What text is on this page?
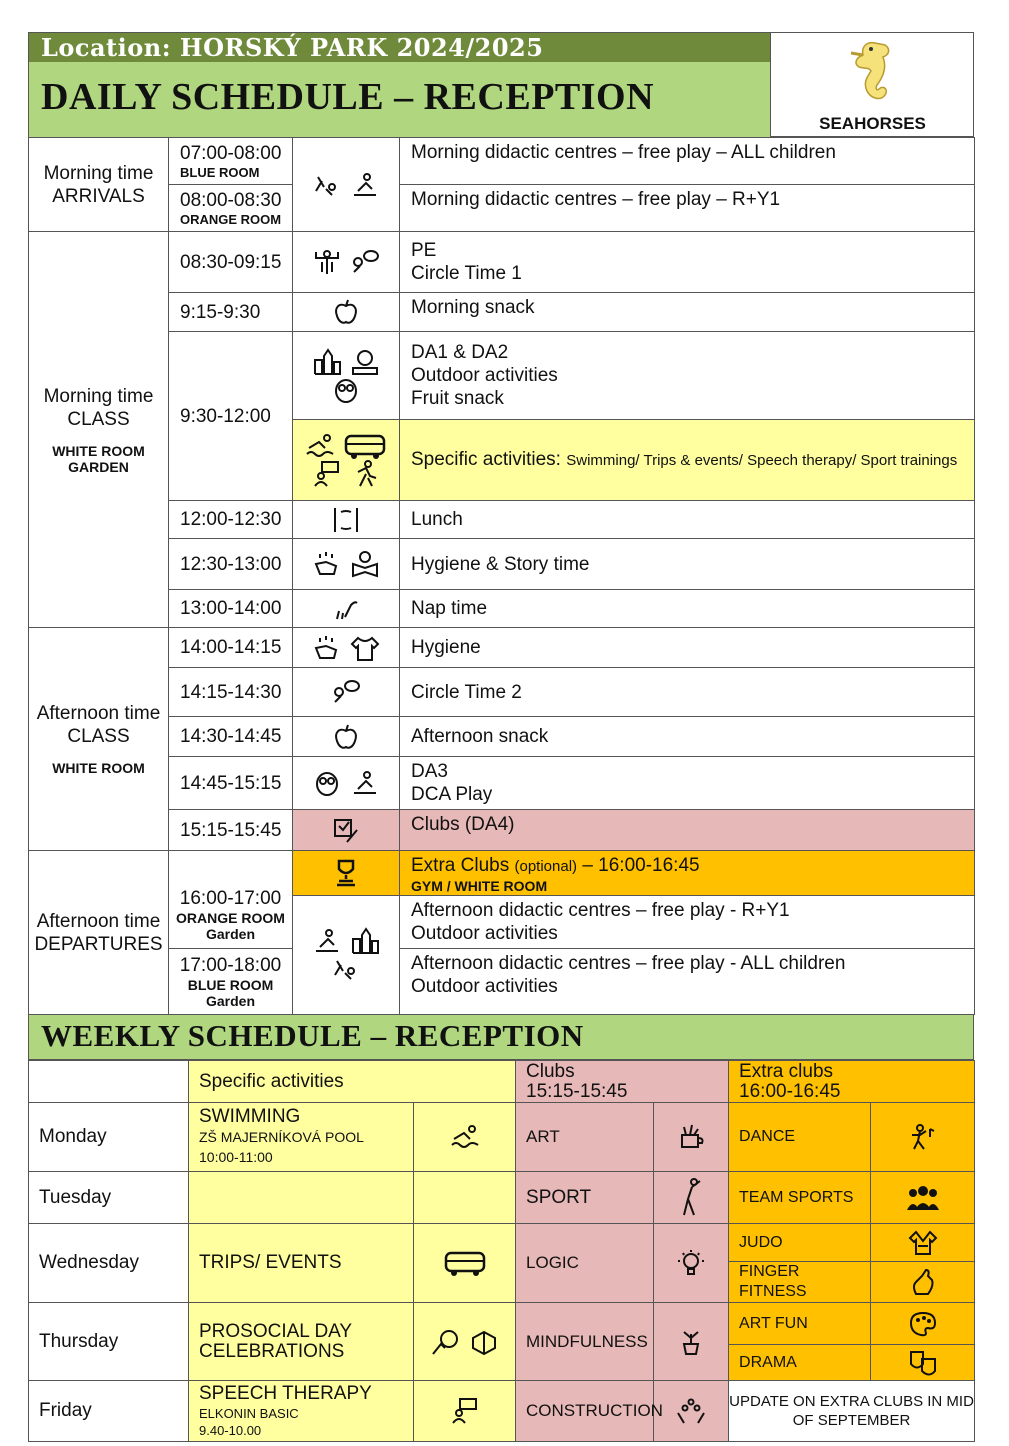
Location: HORSKÝ PARK 2024/2025
DAILY SCHEDULE – RECEPTION
SEAHORSES
Morning time
ARRIVALS	07:00-08:00
BLUE ROOM		Morning didactic centres – free play – ALL children
	08:00-08:30
ORANGE ROOM		Morning didactic centres – free play – R+Y1
Morning time
CLASS

WHITE ROOM
GARDEN	08:30-09:15		PE
Circle Time 1
	9:15-9:30		Morning snack
	9:30-12:00		DA1 & DA2
Outdoor activities
Fruit snack

	Specific activities: Swimming/ Trips & events/ Speech therapy/ Sport trainings
	12:00-12:30		Lunch
	12:30-13:00		Hygiene & Story time
	13:00-14:00		Nap time
Afternoon time
CLASS

WHITE ROOM	14:00-14:15		Hygiene
	14:15-14:30		Circle Time 2
	14:30-14:45		Afternoon snack
	14:45-15:15		DA3
DCA Play
	15:15-15:45		Clubs (DA4)
Afternoon time
DEPARTURES	16:00-17:00
ORANGE ROOM
Garden		Extra Clubs (optional) – 16:00-16:45
GYM / WHITE ROOM

	Afternoon didactic centres – free play - R+Y1
Outdoor activities
	17:00-18:00
BLUE ROOM
Garden		Afternoon didactic centres – free play - ALL children
Outdoor activities
WEEKLY SCHEDULE – RECEPTION
	Specific activities		Clubs
15:15-15:45		Extra clubs
16:00-16:45	
Monday	SWIMMING
ZŠ MAJERNÍKOVÁ POOL
10:00-11:00		ART		DANCE	
Tuesday			SPORT		TEAM SPORTS	
Wednesday	TRIPS/ EVENTS		LOGIC		JUDO	
					FINGER FITNESS	
Thursday	PROSOCIAL DAY
CELEBRATIONS		MINDFULNESS		ART FUN	
					DRAMA	
Friday	SPEECH THERAPY
ELKONIN BASIC
9.40-10.00		CONSTRUCTION		UPDATE ON EXTRA CLUBS IN MID OF SEPTEMBER	
